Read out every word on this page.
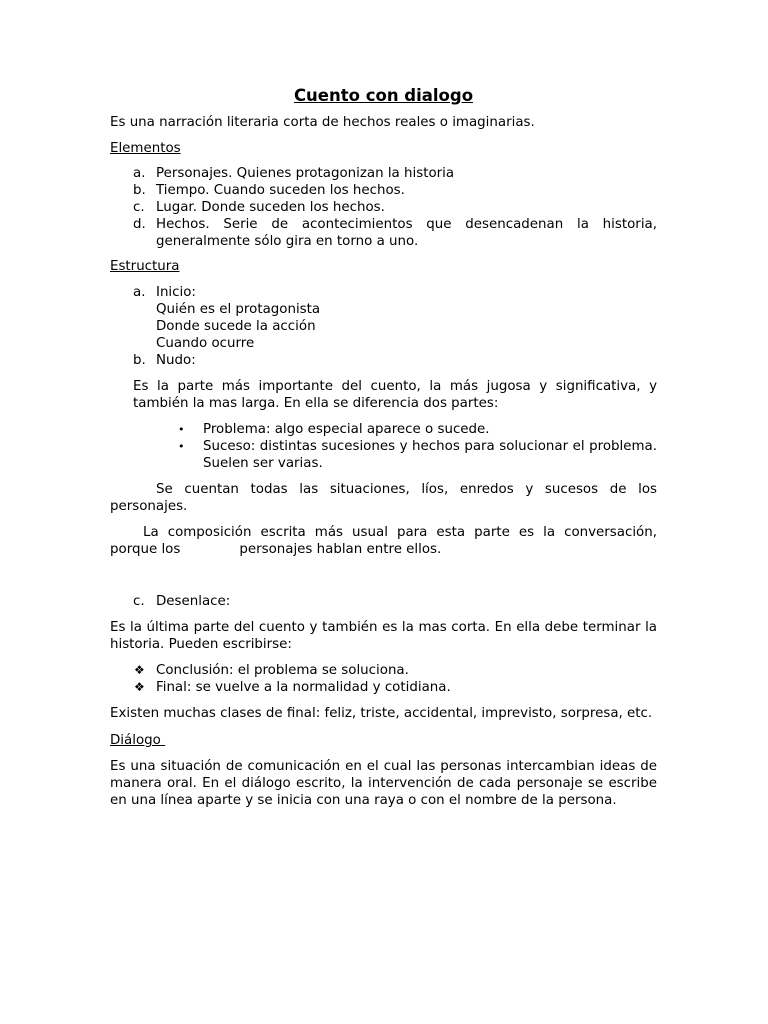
Cuento con dialogo

Es una narración literaria corta de hechos reales o imaginarias.

Elementos

a. Personajes. Quienes protagonizan la historia
b. Tiempo. Cuando suceden los hechos.
c. Lugar. Donde suceden los hechos.
d. Hechos. Serie de acontecimientos que desencadenan la historia, generalmente sólo gira en torno a uno.

Estructura

a. Inicio:
Quién es el protagonista
Donde sucede la acción
Cuando ocurre
b. Nudo:

Es la parte más importante del cuento, la más jugosa y significativa, y también la mas larga. En ella se diferencia dos partes:

• Problema: algo especial aparece o sucede.
• Suceso: distintas sucesiones y hechos para solucionar el problema. Suelen ser varias.

Se cuentan todas las situaciones, líos, enredos y sucesos de los personajes.

La composición escrita más usual para esta parte es la conversación, porque los	personajes hablan entre ellos.

c. Desenlace:

Es la última parte del cuento y también es la mas corta. En ella debe terminar la historia. Pueden escribirse:

❖ Conclusión: el problema se soluciona.
❖ Final: se vuelve a la normalidad y cotidiana.

Existen muchas clases de final: feliz, triste, accidental, imprevisto, sorpresa, etc.

Diálogo

Es una situación de comunicación en el cual las personas intercambian ideas de manera oral. En el diálogo escrito, la intervención de cada personaje se escribe en una línea aparte y se inicia con una raya o con el nombre de la persona.
